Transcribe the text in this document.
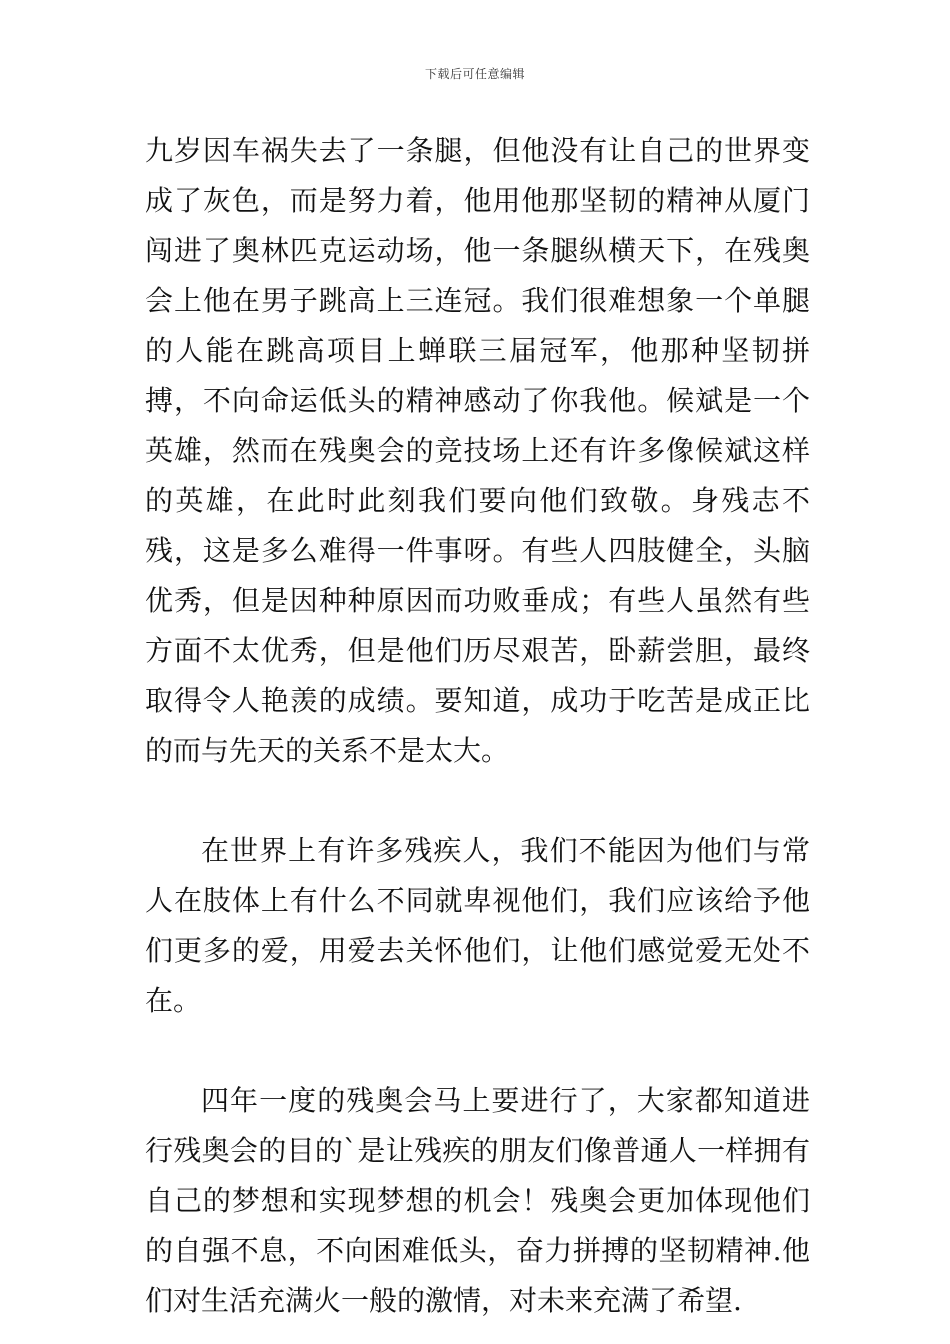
下载后可任意编辑

九岁因车祸失去了一条腿，但他没有让自己的世界变成了灰色，而是努力着，他用他那坚韧的精神从厦门闯进了奥林匹克运动场，他一条腿纵横天下，在残奥会上他在男子跳高上三连冠。我们很难想象一个单腿的人能在跳高项目上蝉联三届冠军，他那种坚韧拼搏，不向命运低头的精神感动了你我他。候斌是一个英雄，然而在残奥会的竞技场上还有许多像候斌这样的英雄，在此时此刻我们要向他们致敬。身残志不残，这是多么难得一件事呀。有些人四肢健全，头脑优秀，但是因种种原因而功败垂成；有些人虽然有些方面不太优秀，但是他们历尽艰苦，卧薪尝胆，最终取得令人艳羡的成绩。要知道，成功于吃苦是成正比的而与先天的关系不是太大。

在世界上有许多残疾人，我们不能因为他们与常人在肢体上有什么不同就卑视他们，我们应该给予他们更多的爱，用爱去关怀他们，让他们感觉爱无处不在。

四年一度的残奥会马上要进行了，大家都知道进行残奥会的目的`是让残疾的朋友们像普通人一样拥有自己的梦想和实现梦想的机会！残奥会更加体现他们的自强不息，不向困难低头，奋力拼搏的坚韧精神.他们对生活充满火一般的激情，对未来充满了希望.
